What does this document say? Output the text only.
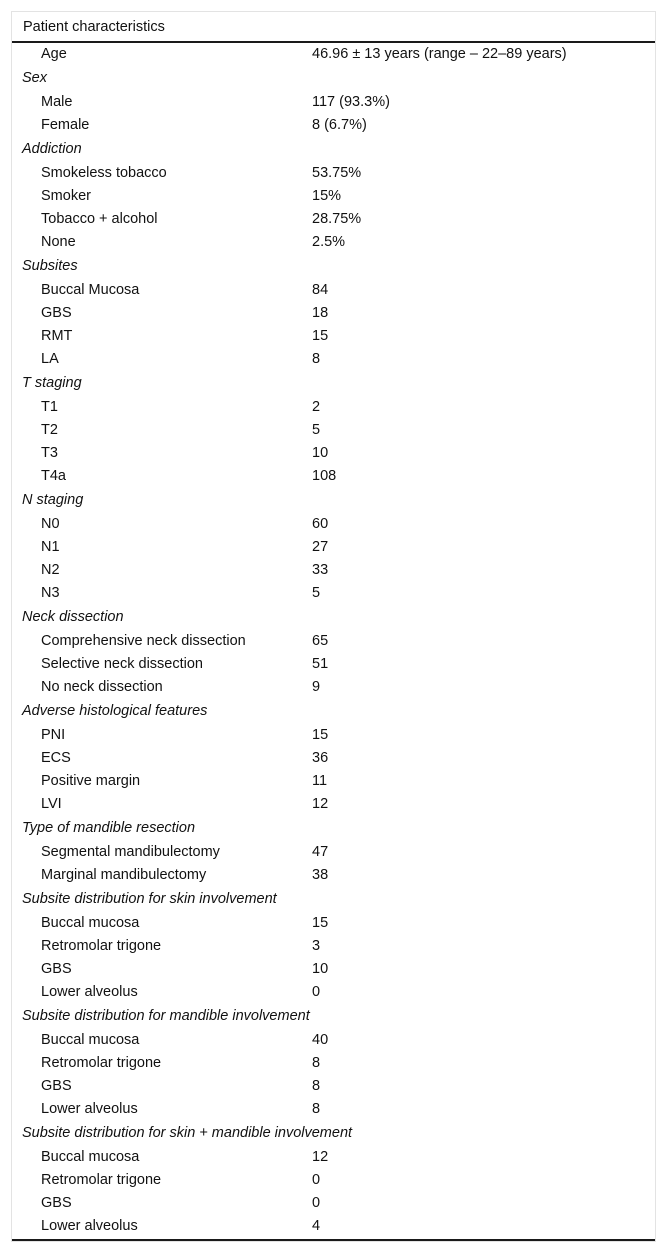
Patient characteristics
Age	46.96 ± 13 years (range – 22–89 years)
Sex
Male	117 (93.3%)
Female	8 (6.7%)
Addiction
Smokeless tobacco	53.75%
Smoker	15%
Tobacco + alcohol	28.75%
None	2.5%
Subsites
Buccal Mucosa	84
GBS	18
RMT	15
LA	8
T staging
T1	2
T2	5
T3	10
T4a	108
N staging
N0	60
N1	27
N2	33
N3	5
Neck dissection
Comprehensive neck dissection	65
Selective neck dissection	51
No neck dissection	9
Adverse histological features
PNI	15
ECS	36
Positive margin	11
LVI	12
Type of mandible resection
Segmental mandibulectomy	47
Marginal mandibulectomy	38
Subsite distribution for skin involvement
Buccal mucosa	15
Retromolar trigone	3
GBS	10
Lower alveolus	0
Subsite distribution for mandible involvement
Buccal mucosa	40
Retromolar trigone	8
GBS	8
Lower alveolus	8
Subsite distribution for skin + mandible involvement
Buccal mucosa	12
Retromolar trigone	0
GBS	0
Lower alveolus	4
